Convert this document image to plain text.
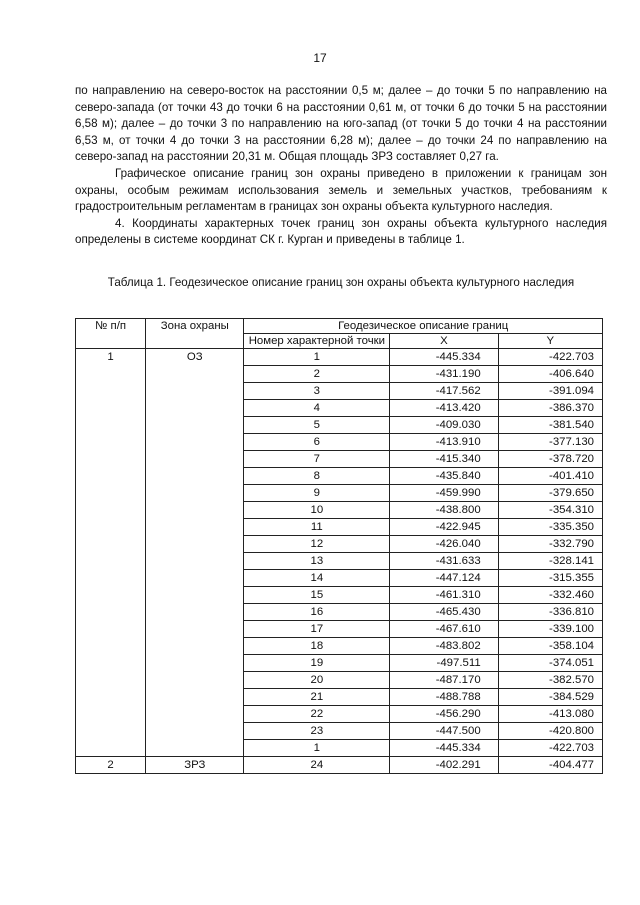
17

по направлению на северо-восток на расстоянии 0,5 м; далее – до точки 5 по направлению на северо-запада (от точки 43 до точки 6 на расстоянии 0,61 м, от точки 6 до точки 5 на расстоянии 6,58 м); далее – до точки 3 по направлению на юго-запад (от точки 5 до точки 4 на расстоянии 6,53 м, от точки 4 до точки 3 на расстоянии 6,28 м); далее – до точки 24 по направлению на северо-запад на расстоянии 20,31 м. Общая площадь ЗРЗ составляет 0,27 га.

Графическое описание границ зон охраны приведено в приложении к границам зон охраны, особым режимам использования земель и земельных участков, требованиям к градостроительным регламентам в границах зон охраны объекта культурного наследия.

4. Координаты характерных точек границ зон охраны объекта культурного наследия определены в системе координат СК г. Курган и приведены в таблице 1.

Таблица 1. Геодезическое описание границ зон охраны объекта культурного наследия
№ п/п	Зона охраны	Геодезическое описание границ		
		Номер характерной точки	X	Y
1	ОЗ	1	-445.334	-422.703
		2	-431.190	-406.640
		3	-417.562	-391.094
		4	-413.420	-386.370
		5	-409.030	-381.540
		6	-413.910	-377.130
		7	-415.340	-378.720
		8	-435.840	-401.410
		9	-459.990	-379.650
		10	-438.800	-354.310
		11	-422.945	-335.350
		12	-426.040	-332.790
		13	-431.633	-328.141
		14	-447.124	-315.355
		15	-461.310	-332.460
		16	-465.430	-336.810
		17	-467.610	-339.100
		18	-483.802	-358.104
		19	-497.511	-374.051
		20	-487.170	-382.570
		21	-488.788	-384.529
		22	-456.290	-413.080
		23	-447.500	-420.800
		1	-445.334	-422.703
2	ЗРЗ	24	-402.291	-404.477
